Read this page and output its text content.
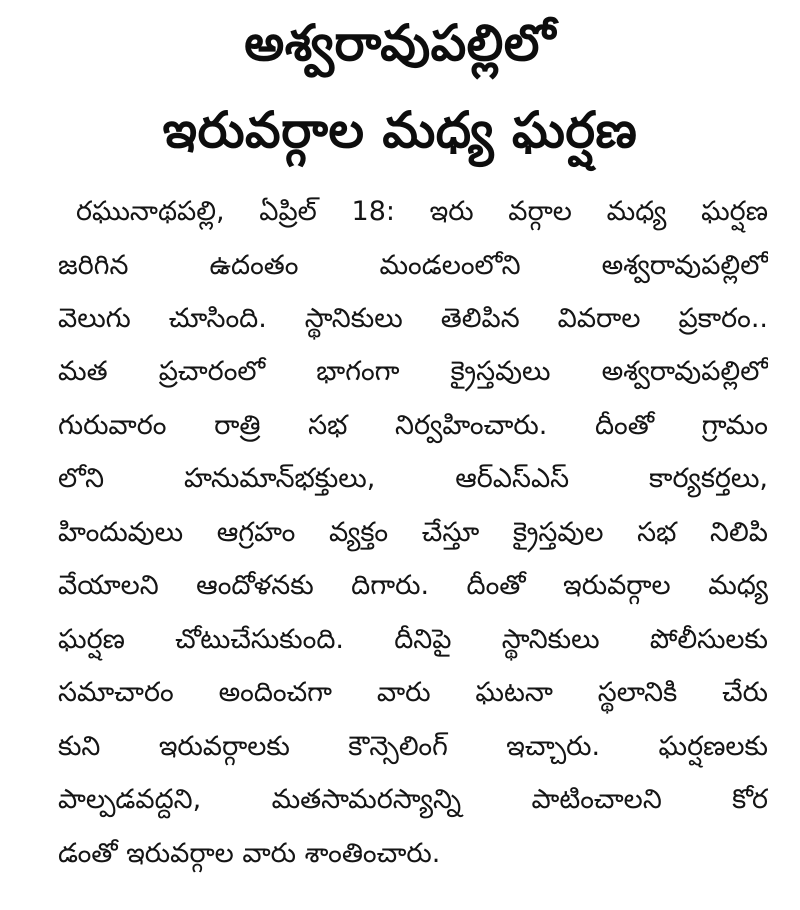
అశ్వరావుపల్లిలో
ఇరువర్గాల మధ్య ఘర్షణ
రఘునాథపల్లి, ఏప్రిల్ 18: ఇరు వర్గాల మధ్య ఘర్షణ
జరిగిన ఉదంతం మండలంలోని అశ్వరావుపల్లిలో
వెలుగు చూసింది. స్థానికులు తెలిపిన వివరాల ప్రకారం..
మత ప్రచారంలో భాగంగా క్రైస్తవులు అశ్వరావుపల్లిలో
గురువారం రాత్రి సభ నిర్వహించారు. దీంతో గ్రామం
లోని హనుమాన్‌భక్తులు, ఆర్‌ఎస్‌ఎస్ కార్యకర్తలు,
హిందువులు ఆగ్రహం వ్యక్తం చేస్తూ క్రైస్తవుల సభ నిలిపి
వేయాలని ఆందోళనకు దిగారు. దీంతో ఇరువర్గాల మధ్య
ఘర్షణ చోటుచేసుకుంది. దీనిపై స్థానికులు పోలీసులకు
సమాచారం అందించగా వారు ఘటనా స్థలానికి చేరు
కుని ఇరువర్గాలకు కౌన్సెలింగ్ ఇచ్చారు. ఘర్షణలకు
పాల్పడవద్దని, మతసామరస్యాన్ని పాటించాలని కోర
డంతో ఇరువర్గాల వారు శాంతించారు.
